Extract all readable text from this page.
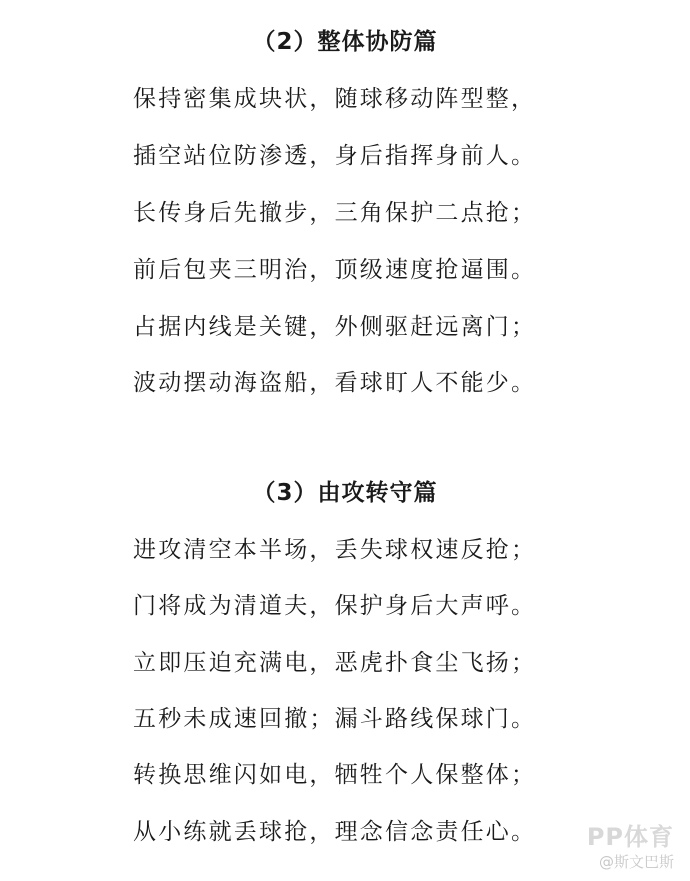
（2）整体协防篇

保持密集成块状，随球移动阵型整，

插空站位防渗透，身后指挥身前人。

长传身后先撤步，三角保护二点抢；

前后包夹三明治，顶级速度抢逼围。

占据内线是关键，外侧驱赶远离门；

波动摆动海盗船，看球盯人不能少。

（3）由攻转守篇

进攻清空本半场，丢失球权速反抢；

门将成为清道夫，保护身后大声呼。

立即压迫充满电，恶虎扑食尘飞扬；

五秒未成速回撤；漏斗路线保球门。

转换思维闪如电，牺牲个人保整体；

从小练就丢球抢，理念信念责任心。 PP体育
@斯文巴斯
